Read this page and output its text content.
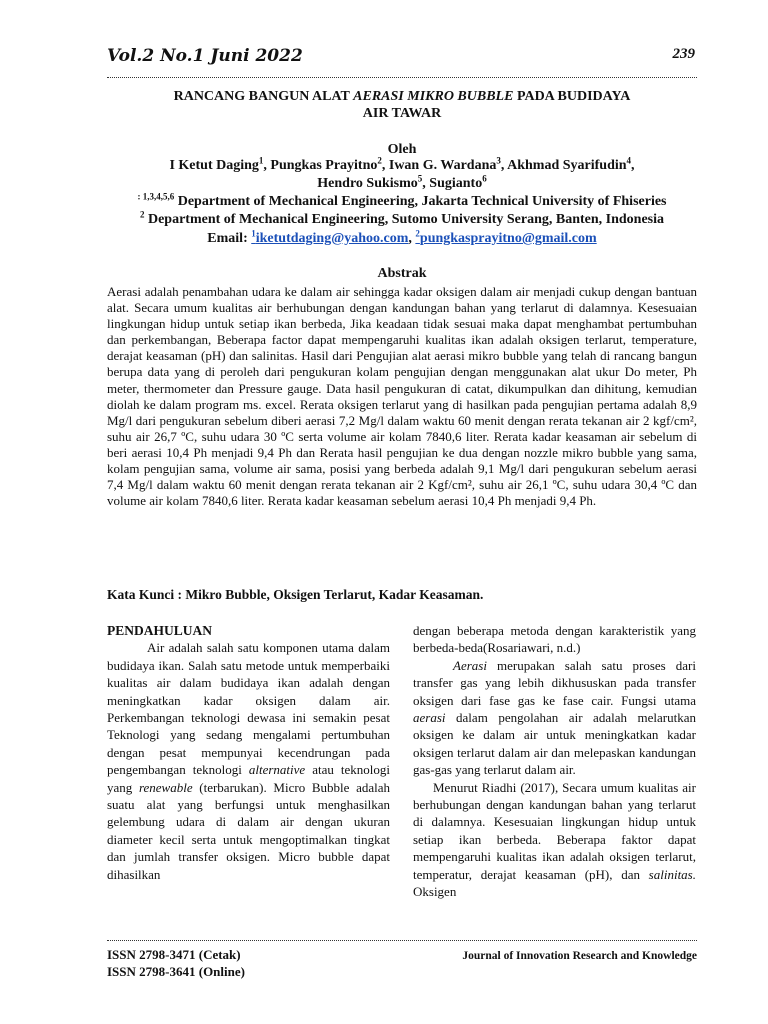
Vol.2 No.1 Juni 2022	239
RANCANG BANGUN ALAT AERASI MIKRO BUBBLE PADA BUDIDAYA
AIR TAWAR
Oleh
I Ketut Daging$^1$, Pungkas Prayitno$^2$, Iwan G. Wardana$^3$, Akhmad Syarifudin$^4$,
Hendro Sukismo$^5$, Sugianto$^6$
$^{: 1,3,4,5,6}$ Department of Mechanical Engineering, Jakarta Technical University of Fhiseries
$^2$ Department of Mechanical Engineering, Sutomo University Serang, Banten, Indonesia
Email: $^1$iketutdaging@yahoo.com, $^2$pungkasprayitno@gmail.com
Abstrak
Aerasi adalah penambahan udara ke dalam air sehingga kadar oksigen dalam air menjadi cukup dengan bantuan alat. Secara umum kualitas air berhubungan dengan kandungan bahan yang terlarut di dalamnya. Kesesuaian lingkungan hidup untuk setiap ikan berbeda, Jika keadaan tidak sesuai maka dapat menghambat pertumbuhan dan perkembangan, Beberapa factor dapat mempengaruhi kualitas ikan adalah oksigen terlarut, temperature, derajat keasaman (pH) dan salinitas. Hasil dari Pengujian alat aerasi mikro bubble yang telah di rancang bangun berupa data yang di peroleh dari pengukuran kolam pengujian dengan menggunakan alat ukur Do meter, Ph meter, thermometer dan Pressure gauge. Data hasil pengukuran di catat, dikumpulkan dan dihitung, kemudian diolah ke dalam program ms. excel. Rerata oksigen terlarut yang di hasilkan pada pengujian pertama adalah 8,9 Mg/l dari pengukuran sebelum diberi aerasi 7,2 Mg/l dalam waktu 60 menit dengan rerata tekanan air 2 kgf/cm², suhu air 26,7 ºC, suhu udara 30 ºC serta volume air kolam 7840,6 liter. Rerata kadar keasaman air sebelum di beri aerasi 10,4 Ph menjadi 9,4 Ph dan Rerata hasil pengujian ke dua dengan nozzle mikro bubble yang sama, kolam pengujian sama, volume air sama, posisi yang berbeda adalah 9,1 Mg/l dari pengukuran sebelum aerasi 7,4 Mg/l dalam waktu 60 menit dengan rerata tekanan air 2 Kgf/cm², suhu air 26,1 ºC, suhu udara 30,4 ºC dan volume air kolam 7840,6 liter. Rerata kadar keasaman sebelum aerasi 10,4 Ph menjadi 9,4 Ph.
Kata Kunci : Mikro Bubble, Oksigen Terlarut, Kadar Keasaman.

PENDAHULUAN

Air adalah salah satu komponen utama dalam budidaya ikan. Salah satu metode untuk memperbaiki kualitas air dalam budidaya ikan adalah dengan meningkatkan kadar oksigen dalam air. Perkembangan teknologi dewasa ini semakin pesat Teknologi yang sedang mengalami pertumbuhan dengan pesat mempunyai kecendrungan pada pengembangan teknologi alternative atau teknologi yang renewable (terbarukan). Micro Bubble adalah suatu alat yang berfungsi untuk menghasilkan gelembung udara di dalam air dengan ukuran diameter kecil serta untuk mengoptimalkan tingkat dan jumlah transfer oksigen. Micro bubble dapat dihasilkan

dengan beberapa metoda dengan karakteristik yang berbeda-beda(Rosariawari, n.d.)

Aerasi merupakan salah satu proses dari transfer gas yang lebih dikhususkan pada transfer oksigen dari fase gas ke fase cair. Fungsi utama aerasi dalam pengolahan air adalah melarutkan oksigen ke dalam air untuk meningkatkan kadar oksigen terlarut dalam air dan melepaskan kandungan gas-gas yang terlarut dalam air.

Menurut Riadhi (2017), Secara umum kualitas air berhubungan dengan kandungan bahan yang terlarut di dalamnya. Kesesuaian lingkungan hidup untuk setiap ikan berbeda. Beberapa faktor dapat mempengaruhi kualitas ikan adalah oksigen terlarut, temperatur, derajat keasaman (pH), dan salinitas. Oksigen

ISSN 2798-3471 (Cetak)
ISSN 2798-3641 (Online)
Journal of Innovation Research and Knowledge
